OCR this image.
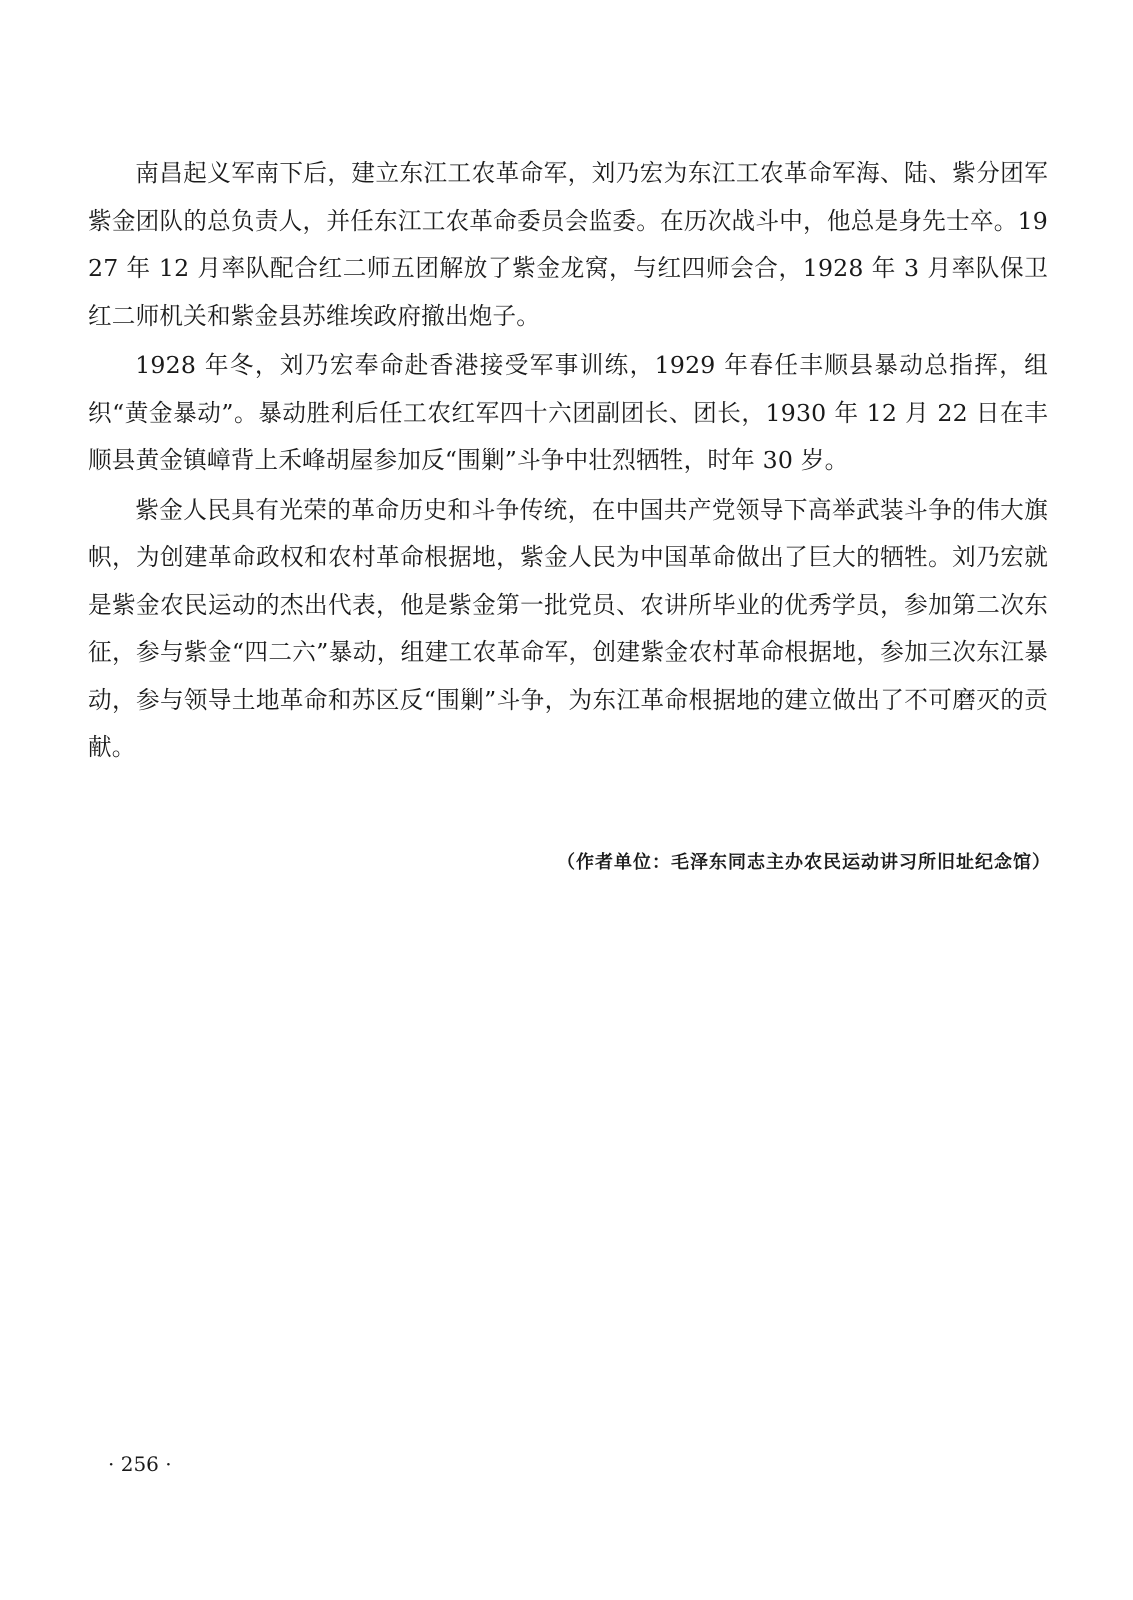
南昌起义军南下后，建立东江工农革命军，刘乃宏为东江工农革命军海、陆、紫分团军紫金团队的总负责人，并任东江工农革命委员会监委。在历次战斗中，他总是身先士卒。1927 年 12 月率队配合红二师五团解放了紫金龙窝，与红四师会合，1928 年 3 月率队保卫红二师机关和紫金县苏维埃政府撤出炮子。

1928 年冬，刘乃宏奉命赴香港接受军事训练，1929 年春任丰顺县暴动总指挥，组织“黄金暴动”。暴动胜利后任工农红军四十六团副团长、团长，1930 年 12 月 22 日在丰顺县黄金镇嶂背上禾峰胡屋参加反“围剿”斗争中壮烈牺牲，时年 30 岁。

紫金人民具有光荣的革命历史和斗争传统，在中国共产党领导下高举武装斗争的伟大旗帜，为创建革命政权和农村革命根据地，紫金人民为中国革命做出了巨大的牺牲。刘乃宏就是紫金农民运动的杰出代表，他是紫金第一批党员、农讲所毕业的优秀学员，参加第二次东征，参与紫金“四二六”暴动，组建工农革命军，创建紫金农村革命根据地，参加三次东江暴动，参与领导土地革命和苏区反“围剿”斗争，为东江革命根据地的建立做出了不可磨灭的贡献。

（作者单位：毛泽东同志主办农民运动讲习所旧址纪念馆）
· 256 ·
